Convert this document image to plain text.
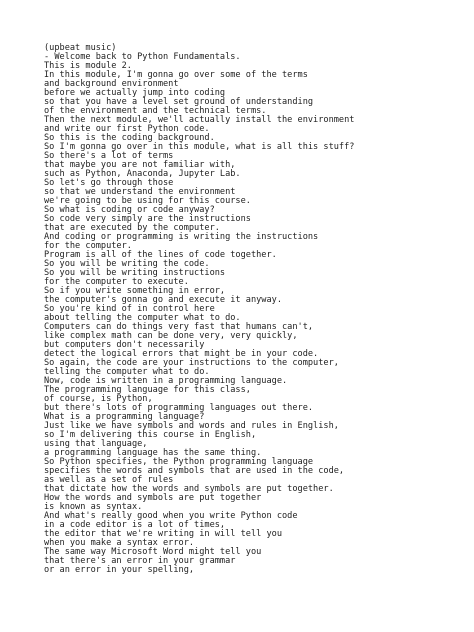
(upbeat music)
- Welcome back to Python Fundamentals.
This is module 2.
In this module, I'm gonna go over some of the terms
and background environment
before we actually jump into coding
so that you have a level set ground of understanding
of the environment and the technical terms.
Then the next module, we'll actually install the environment
and write our first Python code.
So this is the coding background.
So I'm gonna go over in this module, what is all this stuff?
So there's a lot of terms
that maybe you are not familiar with,
such as Python, Anaconda, Jupyter Lab.
So let's go through those
so that we understand the environment
we're going to be using for this course.
So what is coding or code anyway?
So code very simply are the instructions
that are executed by the computer.
And coding or programming is writing the instructions
for the computer.
Program is all of the lines of code together.
So you will be writing the code.
So you will be writing instructions
for the computer to execute.
So if you write something in error,
the computer's gonna go and execute it anyway.
So you're kind of in control here
about telling the computer what to do.
Computers can do things very fast that humans can't,
like complex math can be done very, very quickly,
but computers don't necessarily
detect the logical errors that might be in your code.
So again, the code are your instructions to the computer,
telling the computer what to do.
Now, code is written in a programming language.
The programming language for this class,
of course, is Python,
but there's lots of programming languages out there.
What is a programming language?
Just like we have symbols and words and rules in English,
so I'm delivering this course in English,
using that language,
a programming language has the same thing.
So Python specifies, the Python programming language
specifies the words and symbols that are used in the code,
as well as a set of rules
that dictate how the words and symbols are put together.
How the words and symbols are put together
is known as syntax.
And what's really good when you write Python code
in a code editor is a lot of times,
the editor that we're writing in will tell you
when you make a syntax error.
The same way Microsoft Word might tell you
that there's an error in your grammar
or an error in your spelling,
